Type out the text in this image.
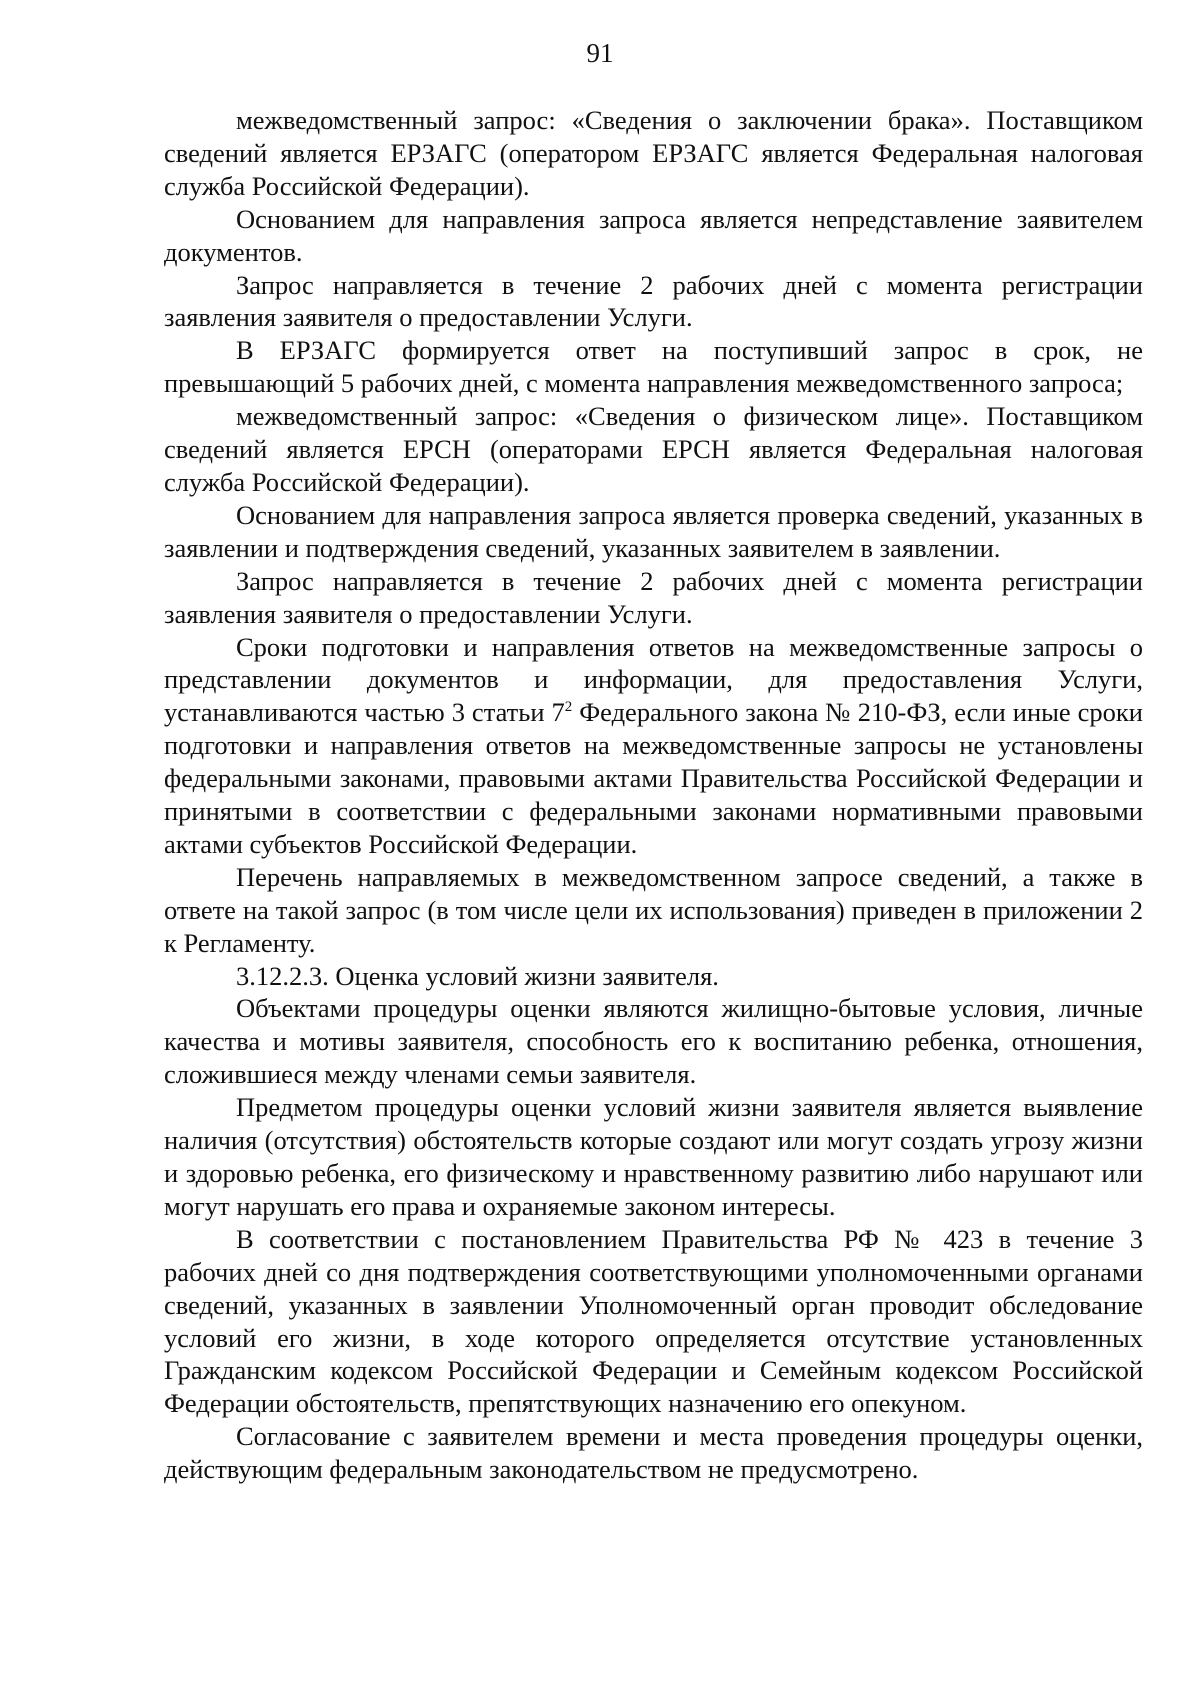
91

межведомственный запрос: «Сведения о заключении брака». Поставщиком сведений является ЕРЗАГС (оператором ЕРЗАГС является Федеральная налоговая служба Российской Федерации).

Основанием для направления запроса является непредставление заявителем документов.

Запрос направляется в течение 2 рабочих дней с момента регистрации заявления заявителя о предоставлении Услуги.

В ЕРЗАГС формируется ответ на поступивший запрос в срок, не превышающий 5 рабочих дней, с момента направления межведомственного запроса;

межведомственный запрос: «Сведения о физическом лице». Поставщиком сведений является ЕРСН (операторами ЕРСН является Федеральная налоговая служба Российской Федерации).

Основанием для направления запроса является проверка сведений, указанных в заявлении и подтверждения сведений, указанных заявителем в заявлении.

Запрос направляется в течение 2 рабочих дней с момента регистрации заявления заявителя о предоставлении Услуги.

Сроки подготовки и направления ответов на межведомственные запросы о представлении документов и информации, для предоставления Услуги, устанавливаются частью 3 статьи $7^2$ Федерального закона № 210-ФЗ, если иные сроки подготовки и направления ответов на межведомственные запросы не установлены федеральными законами, правовыми актами Правительства Российской Федерации и принятыми в соответствии с федеральными законами нормативными правовыми актами субъектов Российской Федерации.

Перечень направляемых в межведомственном запросе сведений, а также в ответе на такой запрос (в том числе цели их использования) приведен в приложении 2 к Регламенту.

3.12.2.3. Оценка условий жизни заявителя.

Объектами процедуры оценки являются жилищно-бытовые условия, личные качества и мотивы заявителя, способность его к воспитанию ребенка, отношения, сложившиеся между членами семьи заявителя.

Предметом процедуры оценки условий жизни заявителя является выявление наличия (отсутствия) обстоятельств которые создают или могут создать угрозу жизни и здоровью ребенка, его физическому и нравственному развитию либо нарушают или могут нарушать его права и охраняемые законом интересы.

В соответствии с постановлением Правительства РФ № 423 в течение 3 рабочих дней со дня подтверждения соответствующими уполномоченными органами сведений, указанных в заявлении Уполномоченный орган проводит обследование условий его жизни, в ходе которого определяется отсутствие установленных Гражданским кодексом Российской Федерации и Семейным кодексом Российской Федерации обстоятельств, препятствующих назначению его опекуном.

Согласование с заявителем времени и места проведения процедуры оценки, действующим федеральным законодательством не предусмотрено.
